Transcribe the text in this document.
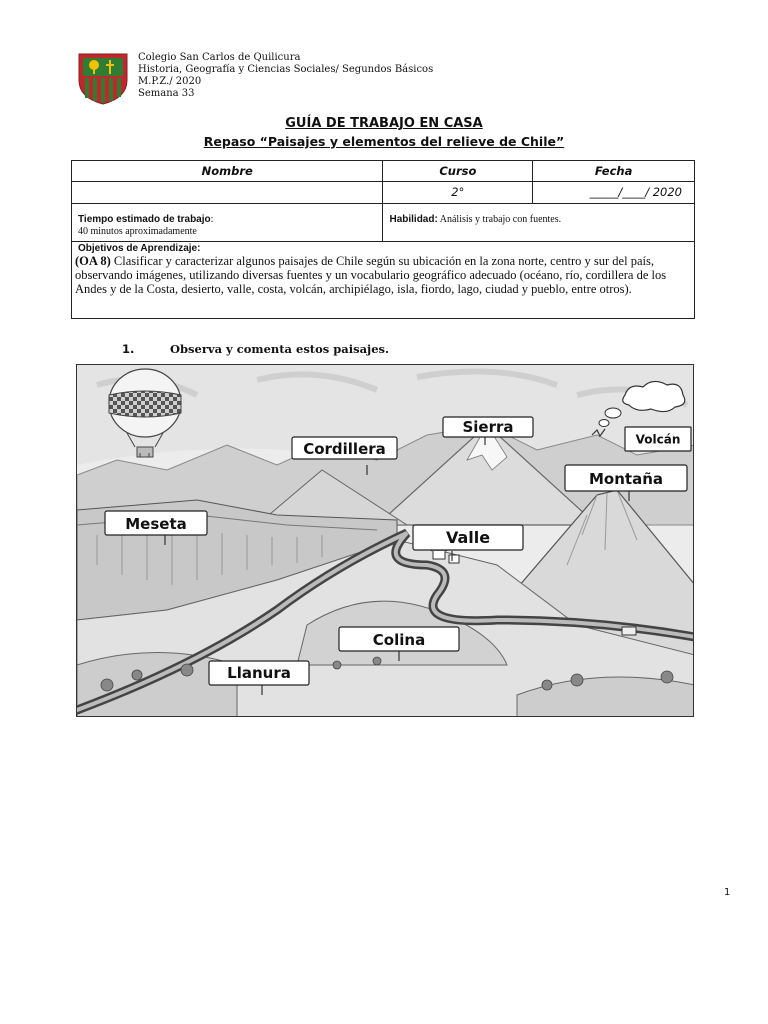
Colegio San Carlos de Quilicura
Historia, Geografía y Ciencias Sociales/ Segundos Básicos
M.P.Z./ 2020
Semana 33
GUÍA DE TRABAJO EN CASA
Repaso “Paisajes y elementos del relieve de Chile”
Nombre	Curso	Fecha
	2°	_____/____/ 2020

Tiempo estimado de trabajo:
40 minutos aproximadamente	Habilidad: Análisis y trabajo con fuentes.	

Objetivos de Aprendizaje:
(OA 8) Clasificar y caracterizar algunos paisajes de Chile según su ubicación en la zona norte, centro y sur del país, observando imágenes, utilizando diversas fuentes y un vocabulario geográfico adecuado (océano, río, cordillera de los Andes y de la Costa, desierto, valle, costa, volcán, archipiélago, isla, fiordo, lago, ciudad y pueblo, entre otros).		
1.	Observa y comenta estos paisajes.
Cordillera
Sierra
Volcán
Montaña
Meseta
Valle
Colina
Llanura
1
